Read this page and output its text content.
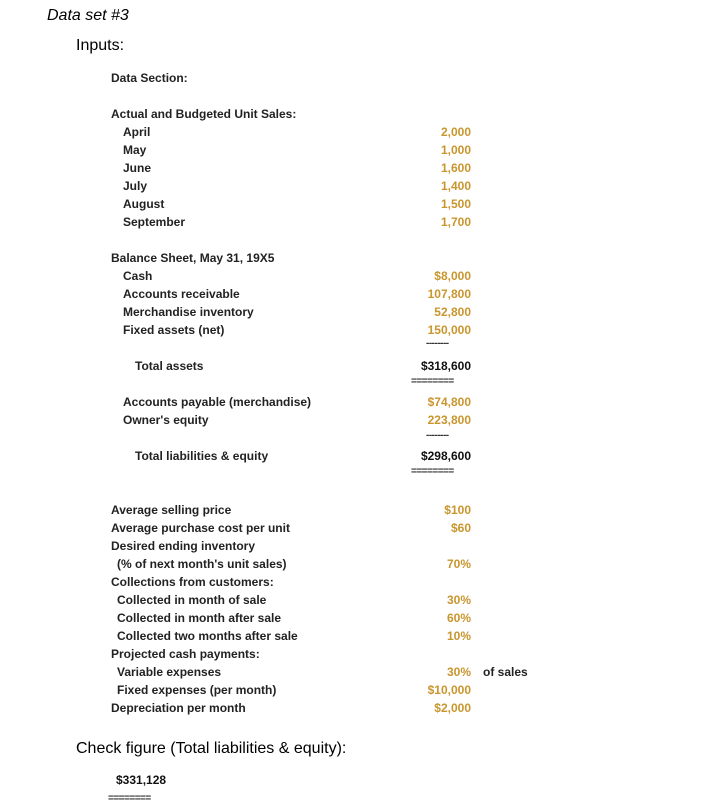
Data set #3
Inputs:
Data Section:
Actual and Budgeted Unit Sales:
April	2,000
May	1,000
June	1,600
July	1,400
August	1,500
September	1,700
Balance Sheet, May 31, 19X5
Cash	$8,000
Accounts receivable	107,800
Merchandise inventory	52,800
Fixed assets (net)	150,000
--------
Total assets	$318,600
========
Accounts payable (merchandise)	$74,800
Owner's equity	223,800
--------
Total liabilities & equity	$298,600
========
Average selling price	$100
Average purchase cost per unit	$60
Desired ending inventory
(% of next month's unit sales)	70%
Collections from customers:
Collected in month of sale	30%
Collected in month after sale	60%
Collected two months after sale	10%
Projected cash payments:
Variable expenses	30% of sales
Fixed expenses (per month)	$10,000
Depreciation per month	$2,000
Check figure (Total liabilities & equity):
$331,128
========
